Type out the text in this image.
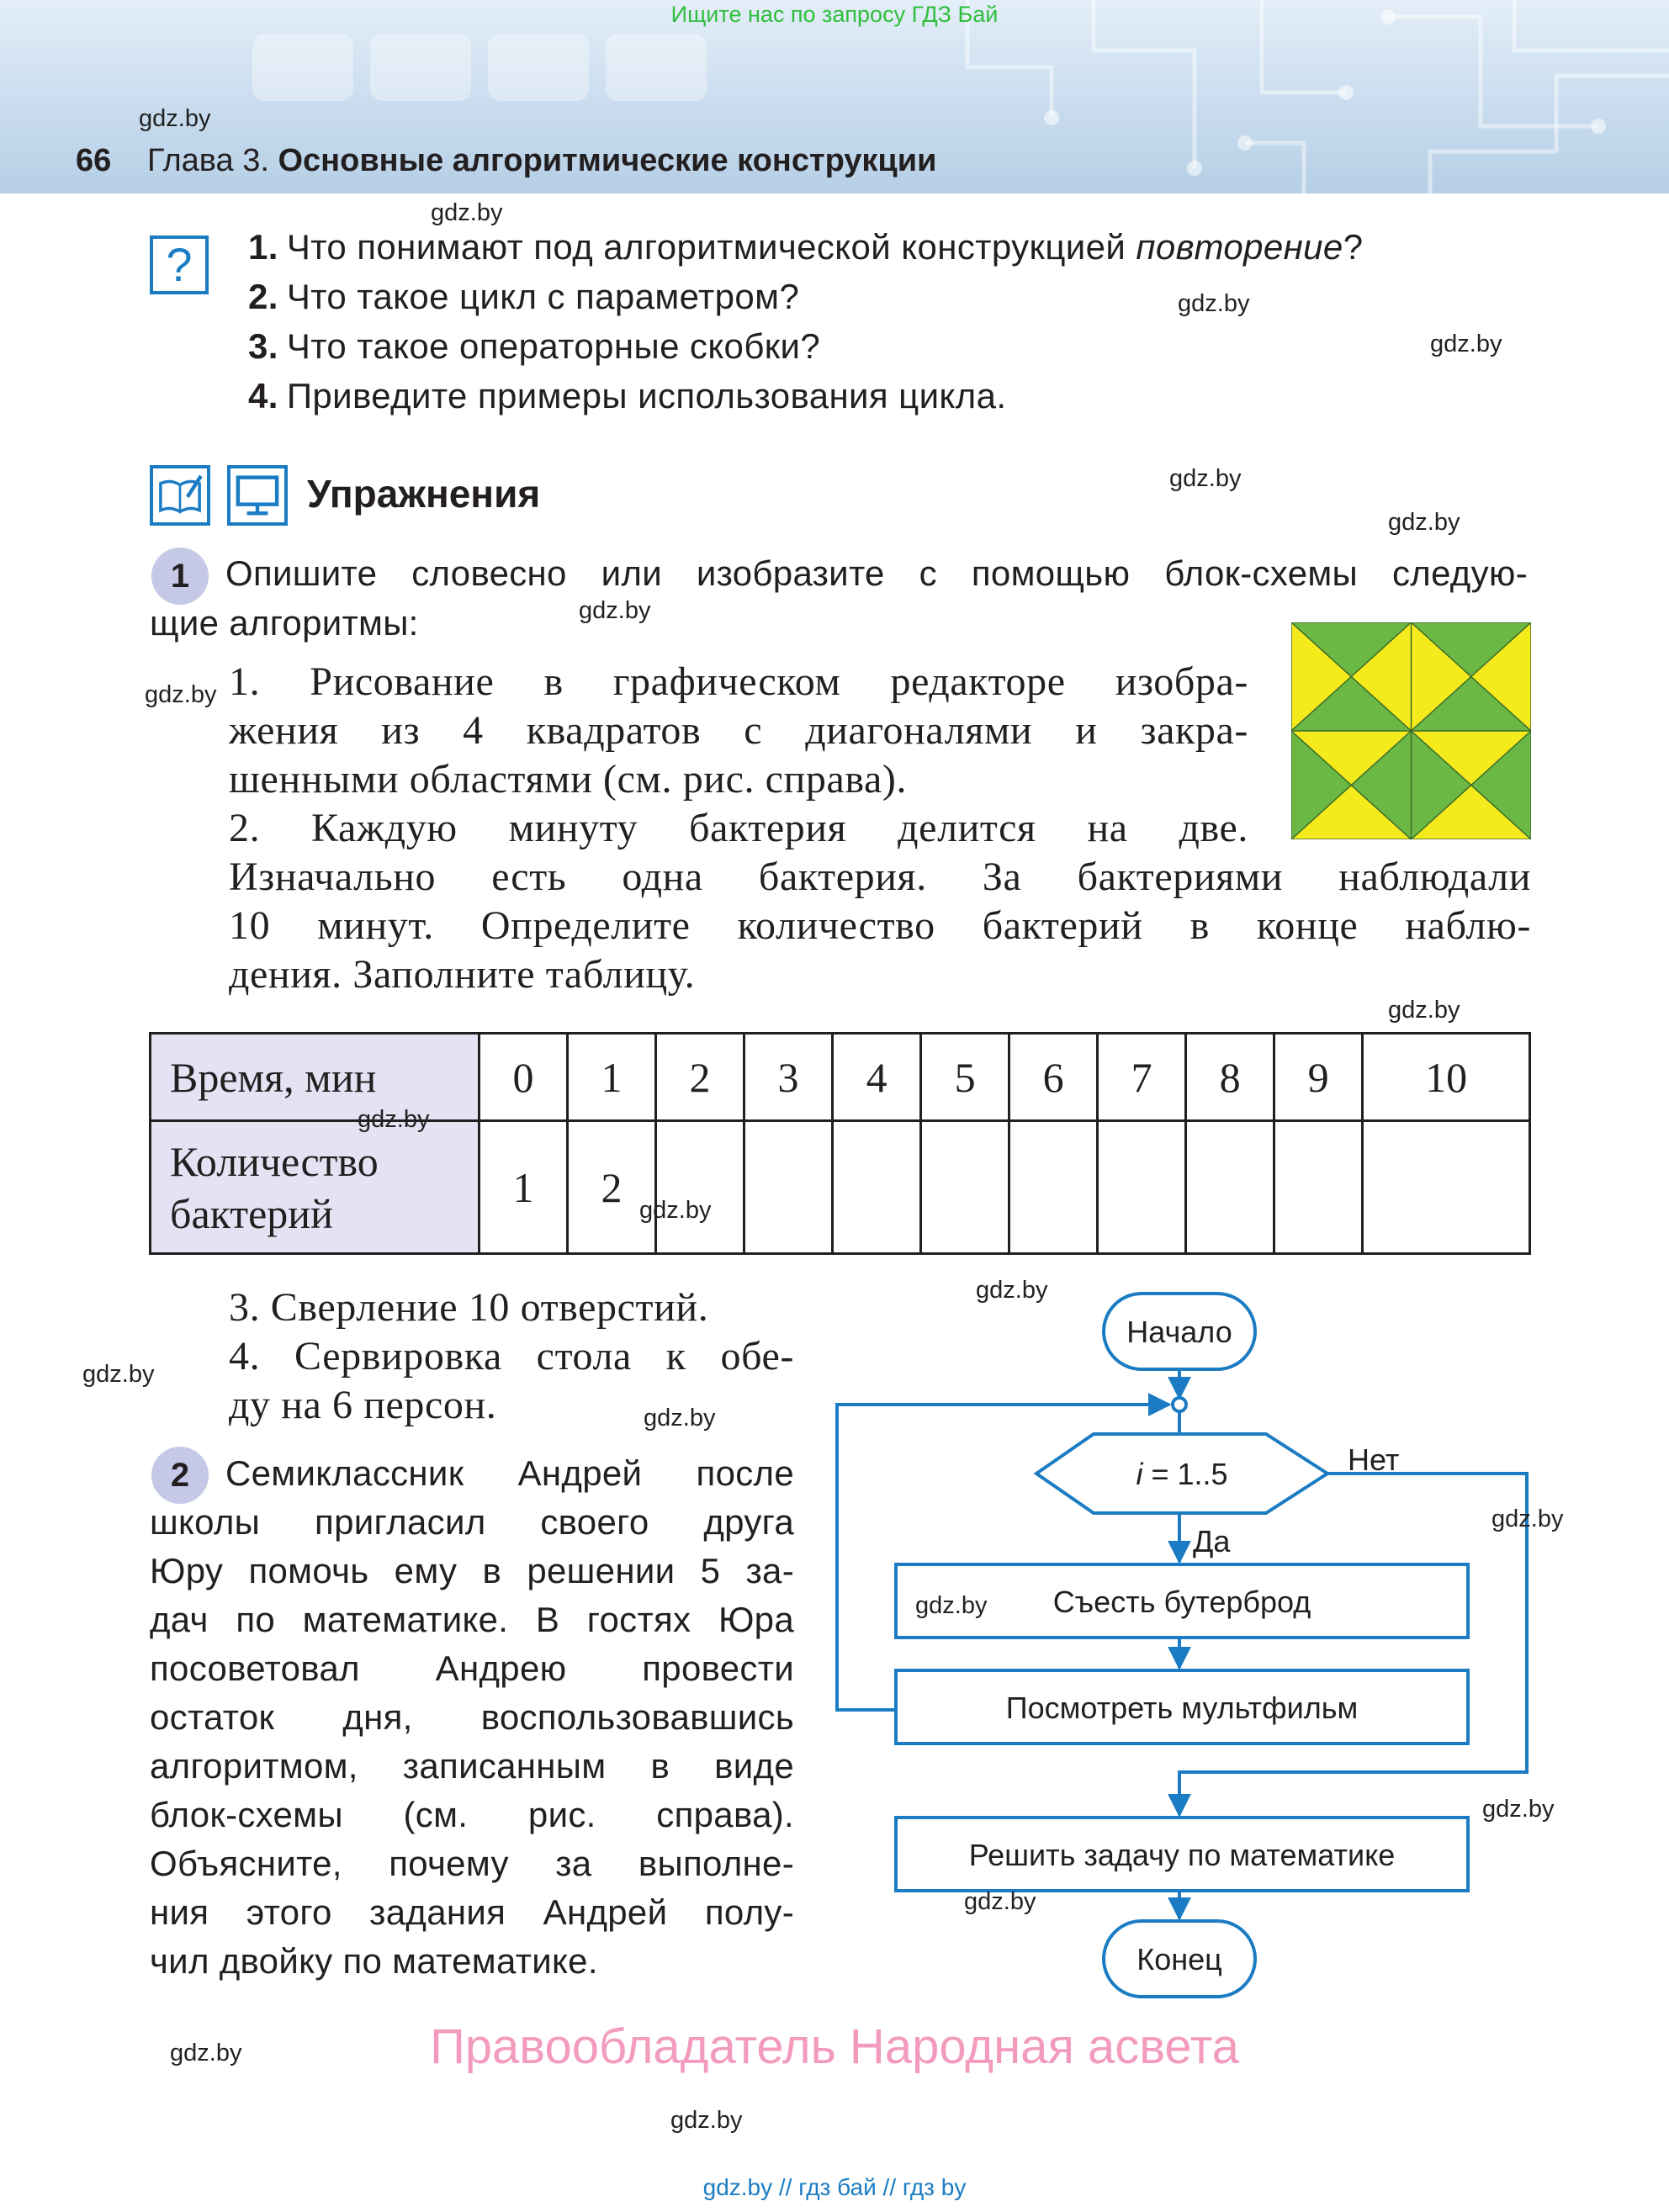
gdz.by
66 Глава 3. Основные алгоритмические конструкции
Ищите нас по запросу ГДЗ Бай
?	1. Что понимают под алгоритмической конструкцией повторение?
2. Что такое цикл с параметром?
3. Что такое операторные скобки?
4. Приведите примеры использования цикла.
Упражнения
1	Опишите словесно или изобразите с помощью блок-схемы следую-
щие алгоритмы:
1. Рисование в графическом редакторе изобра-
жения из 4 квадратов с диагоналями и закра-
шенными областями (см. рис. справа).
2. Каждую минуту бактерия делится на две.
Изначально есть одна бактерия. За бактериями наблюдали
10 минут. Определите количество бактерий в конце наблю-
дения. Заполните таблицу.
Время, мин	0	1	2	3	4	5	6	7	8	9	10
Количество
бактерий	1	2									
3. Сверление 10 отверстий.
4. Сервировка стола к обе-
ду на 6 персон.
2	Семиклассник Андрей после
школы пригласил своего друга
Юру помочь ему в решении 5 за-
дач по математике. В гостях Юра
посоветовал Андрею провести
остаток дня, воспользовавшись
алгоритмом, записанным в виде
блок-схемы (см. рис. справа).
Объясните, почему за выполне-
ния этого задания Андрей полу-
чил двойку по математике.
Начало
i = 1..5	Нет
Да
Съесть бутерброд
Посмотреть мультфильм
Решить задачу по математике
Конец
gdz.by
gdz.by
gdz.by
gdz.by
gdz.by
gdz.by
gdz.by
gdz.by
gdz.by
gdz.by
gdz.by
gdz.by
gdz.by
gdz.by
gdz.by
gdz.by
gdz.by
gdz.by
gdz.by
Правообладатель Народная асвета
gdz.by // гдз бай // гдз by
